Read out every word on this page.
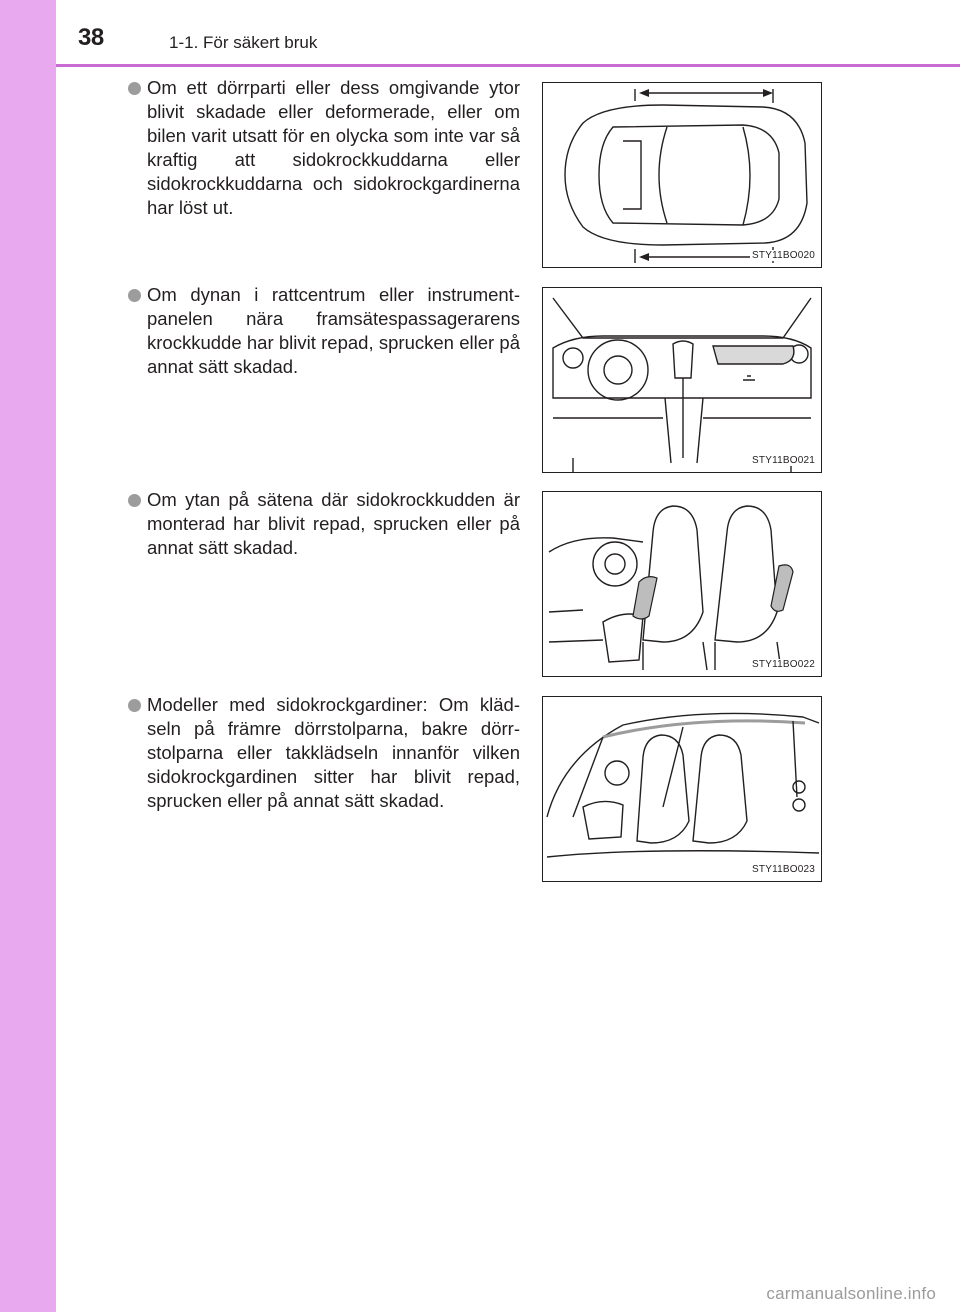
38	1-1. För säkert bruk

Om ett dörrparti eller dess omgivande ytor blivit skadade eller deformerade, eller om bilen varit utsatt för en olycka som inte var så kraftig att sidokrockkuddarna eller sidokrockkuddarna och sidokrockgardinerna har löst ut.

STY11BO020

Om dynan i rattcentrum eller instrumentpanelen nära framsätespassagerarens krockkudde har blivit repad, sprucken eller på annat sätt skadad.

STY11BO021

Om ytan på sätena där sidokrockkudden är monterad har blivit repad, sprucken eller på annat sätt skadad.

STY11BO022

Modeller med sidokrockgardiner: Om klädseln på främre dörrstolparna, bakre dörrstolparna eller takklädseln innanför vilken sidokrockgardinen sitter har blivit repad, sprucken eller på annat sätt skadad.

STY11BO023
carmanualsonline.info
